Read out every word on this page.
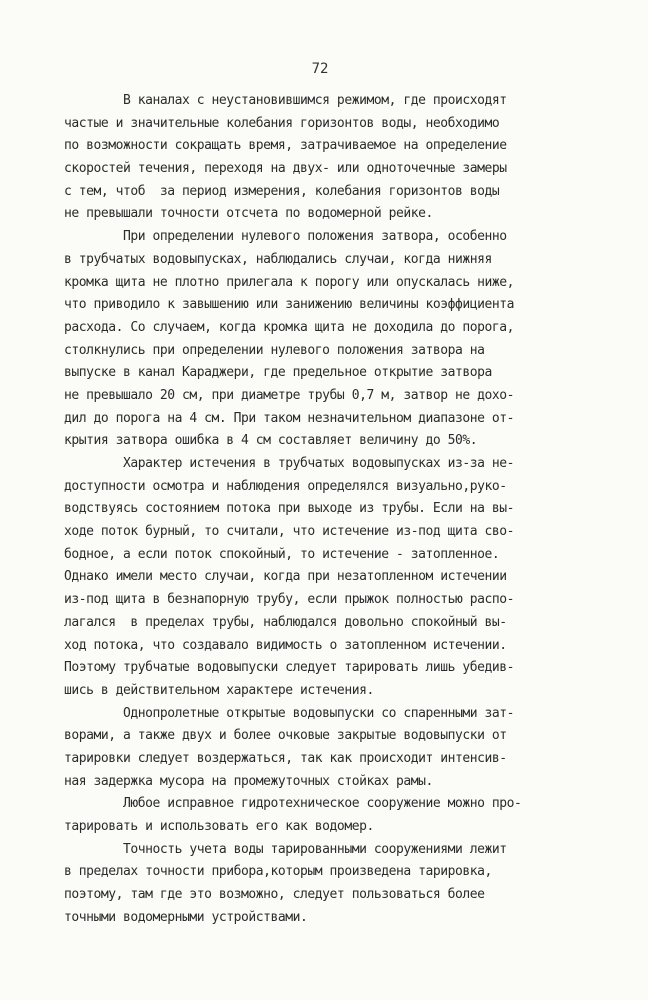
72
В каналах с неустановившимся режимом, где происходят
частые и значительные колебания горизонтов воды, необходимо
по возможности сокращать время, затрачиваемое на определение
скоростей течения, переходя на двух- или одноточечные замеры
с тем, чтоб  за период измерения, колебания горизонтов воды
не превышали точности отсчета по водомерной рейке.
При определении нулевого положения затвора, особенно
в трубчатых водовыпусках, наблюдались случаи, когда нижняя
кромка щита не плотно прилегала к порогу или опускалась ниже,
что приводило к завышению или занижению величины коэффициента
расхода. Со случаем, когда кромка щита не доходила до порога,
столкнулись при определении нулевого положения затвора на
выпуске в канал Караджери, где предельное открытие затвора
не превышало 20 см, при диаметре трубы 0,7 м, затвор не дохо-
дил до порога на 4 см. При таком незначительном диапазоне от-
крытия затвора ошибка в 4 см составляет величину до 50%.
Характер истечения в трубчатых водовыпусках из-за не-
доступности осмотра и наблюдения определялся визуально,руко-
водствуясь состоянием потока при выходе из трубы. Если на вы-
ходе поток бурный, то считали, что истечение из-под щита сво-
бодное, а если поток спокойный, то истечение - затопленное.
Однако имели место случаи, когда при незатопленном истечении
из-под щита в безнапорную трубу, если прыжок полностью распо-
лагался  в пределах трубы, наблюдался довольно спокойный вы-
ход потока, что создавало видимость о затопленном истечении.
Поэтому трубчатые водовыпуски следует тарировать лишь убедив-
шись в действительном характере истечения.
Однопролетные открытые водовыпуски со спаренными зат-
ворами, а также двух и более очковые закрытые водовыпуски от
тарировки следует воздержаться, так как происходит интенсив-
ная задержка мусора на промежуточных стойках рамы.
Любое исправное гидротехническое сооружение можно про-
тарировать и использовать его как водомер.
Точность учета воды тарированными сооружениями лежит
в пределах точности прибора,которым произведена тарировка,
поэтому, там где это возможно, следует пользоваться более
точными водомерными устройствами.
